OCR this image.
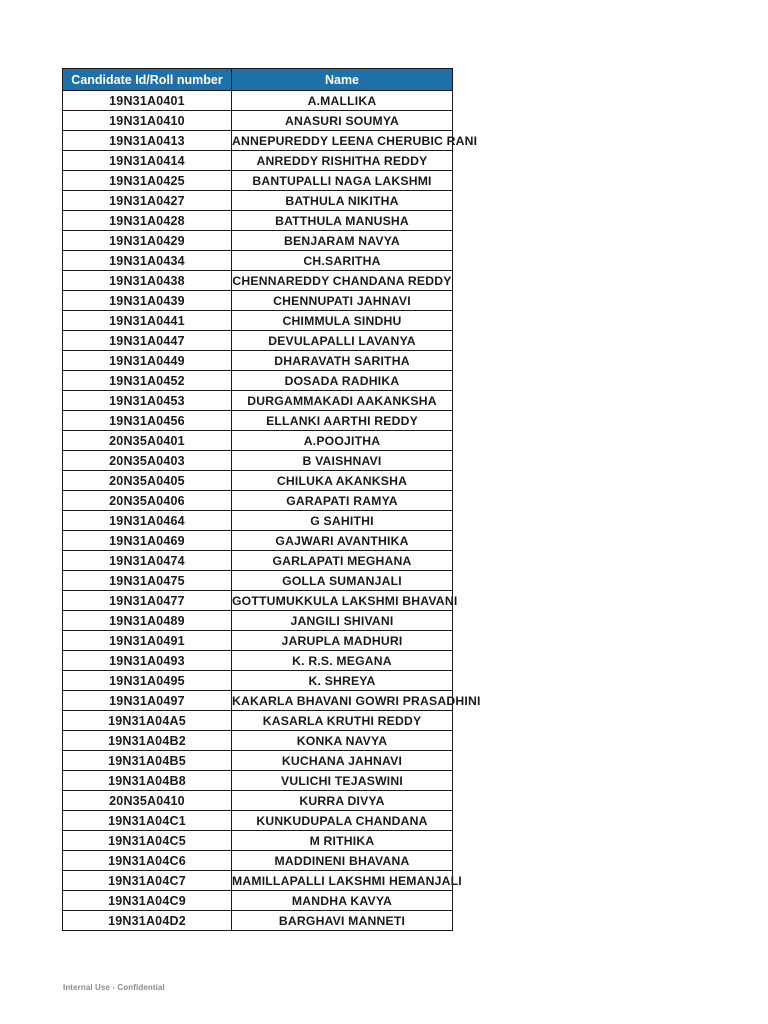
Candidate Id/Roll number	Name
19N31A0401	A.MALLIKA
19N31A0410	ANASURI SOUMYA
19N31A0413	ANNEPUREDDY LEENA CHERUBIC RANI
19N31A0414	ANREDDY RISHITHA REDDY
19N31A0425	BANTUPALLI NAGA LAKSHMI
19N31A0427	BATHULA NIKITHA
19N31A0428	BATTHULA MANUSHA
19N31A0429	BENJARAM NAVYA
19N31A0434	CH.SARITHA
19N31A0438	CHENNAREDDY CHANDANA REDDY
19N31A0439	CHENNUPATI JAHNAVI
19N31A0441	CHIMMULA SINDHU
19N31A0447	DEVULAPALLI LAVANYA
19N31A0449	DHARAVATH SARITHA
19N31A0452	DOSADA RADHIKA
19N31A0453	DURGAMMAKADI AAKANKSHA
19N31A0456	ELLANKI AARTHI REDDY
20N35A0401	A.POOJITHA
20N35A0403	B VAISHNAVI
20N35A0405	CHILUKA AKANKSHA
20N35A0406	GARAPATI RAMYA
19N31A0464	G SAHITHI
19N31A0469	GAJWARI AVANTHIKA
19N31A0474	GARLAPATI MEGHANA
19N31A0475	GOLLA SUMANJALI
19N31A0477	GOTTUMUKKULA LAKSHMI BHAVANI
19N31A0489	JANGILI SHIVANI
19N31A0491	JARUPLA MADHURI
19N31A0493	K. R.S. MEGANA
19N31A0495	K. SHREYA
19N31A0497	KAKARLA BHAVANI GOWRI PRASADHINI
19N31A04A5	KASARLA KRUTHI REDDY
19N31A04B2	KONKA NAVYA
19N31A04B5	KUCHANA JAHNAVI
19N31A04B8	VULICHI TEJASWINI
20N35A0410	KURRA DIVYA
19N31A04C1	KUNKUDUPALA CHANDANA
19N31A04C5	M RITHIKA
19N31A04C6	MADDINENI BHAVANA
19N31A04C7	MAMILLAPALLI LAKSHMI HEMANJALI
19N31A04C9	MANDHA KAVYA
19N31A04D2	BARGHAVI MANNETI
Internal Use - Confidential
